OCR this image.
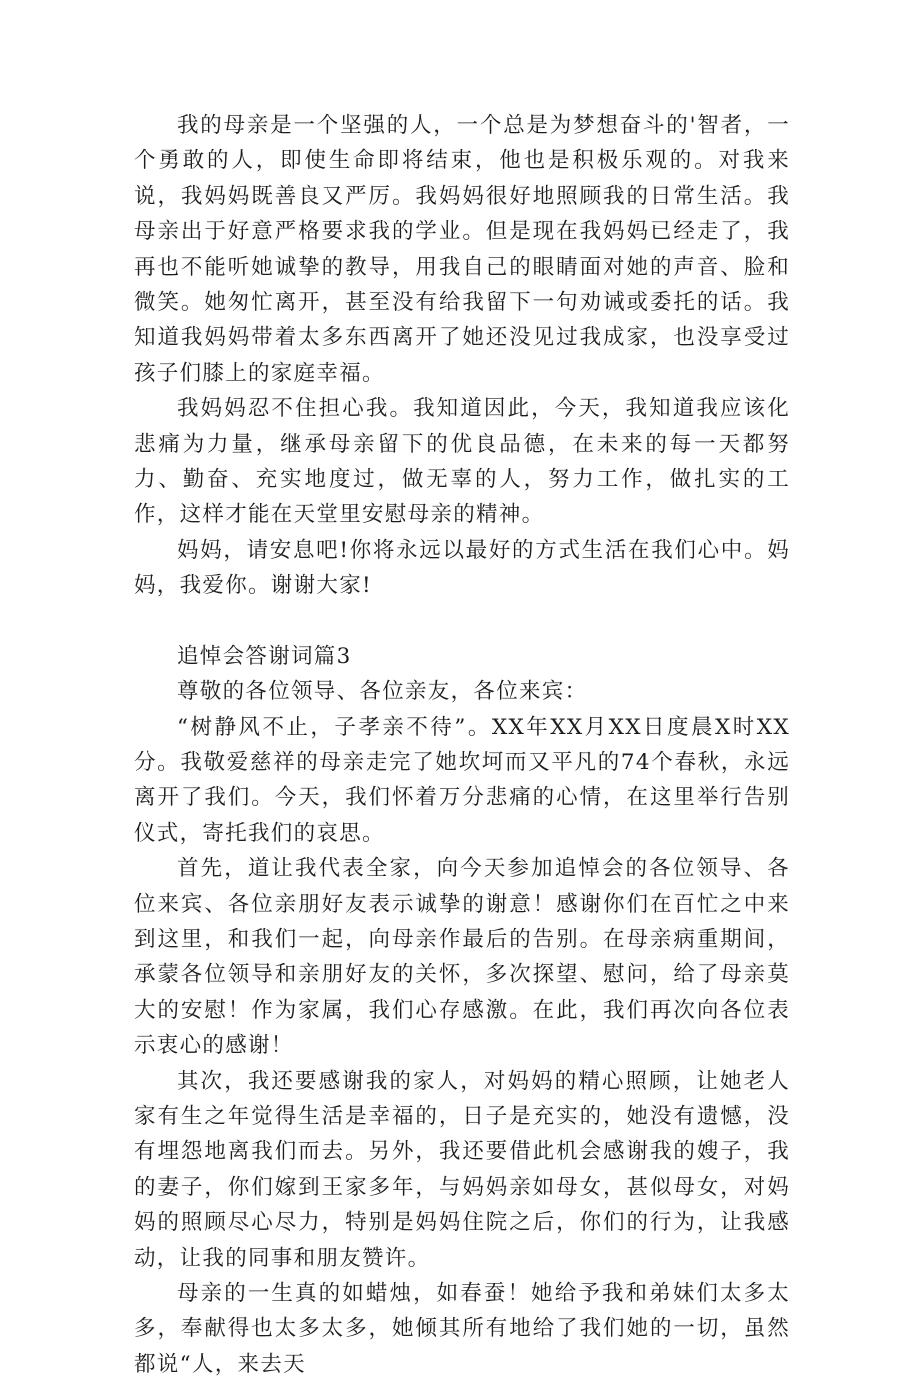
我的母亲是一个坚强的人，一个总是为梦想奋斗的'智者，一个勇敢的人，即使生命即将结束，他也是积极乐观的。对我来说，我妈妈既善良又严厉。我妈妈很好地照顾我的日常生活。我母亲出于好意严格要求我的学业。但是现在我妈妈已经走了，我再也不能听她诚挚的教导，用我自己的眼睛面对她的声音、脸和微笑。她匆忙离开，甚至没有给我留下一句劝诫或委托的话。我知道我妈妈带着太多东西离开了她还没见过我成家，也没享受过孩子们膝上的家庭幸福。

我妈妈忍不住担心我。我知道因此，今天，我知道我应该化悲痛为力量，继承母亲留下的优良品德，在未来的每一天都努力、勤奋、充实地度过，做无辜的人，努力工作，做扎实的工作，这样才能在天堂里安慰母亲的精神。

妈妈，请安息吧!你将永远以最好的方式生活在我们心中。妈妈，我爱你。谢谢大家!

追悼会答谢词篇3

尊敬的各位领导、各位亲友，各位来宾：

“树静风不止，子孝亲不待”。XX年XX月XX日度晨X时XX分。我敬爱慈祥的母亲走完了她坎坷而又平凡的74个春秋，永远离开了我们。今天，我们怀着万分悲痛的心情，在这里举行告别仪式，寄托我们的哀思。

首先，道让我代表全家，向今天参加追悼会的各位领导、各位来宾、各位亲朋好友表示诚挚的谢意！感谢你们在百忙之中来到这里，和我们一起，向母亲作最后的告别。在母亲病重期间，承蒙各位领导和亲朋好友的关怀，多次探望、慰问，给了母亲莫大的安慰！作为家属，我们心存感激。在此，我们再次向各位表示衷心的感谢！

其次，我还要感谢我的家人，对妈妈的精心照顾，让她老人家有生之年觉得生活是幸福的，日子是充实的，她没有遗憾，没有埋怨地离我们而去。另外，我还要借此机会感谢我的嫂子，我的妻子，你们嫁到王家多年，与妈妈亲如母女，甚似母女，对妈妈的照顾尽心尽力，特别是妈妈住院之后，你们的行为，让我感动，让我的同事和朋友赞许。

母亲的一生真的如蜡烛，如春蚕！她给予我和弟妹们太多太多，奉献得也太多太多，她倾其所有地给了我们她的一切，虽然都说“人，来去天
